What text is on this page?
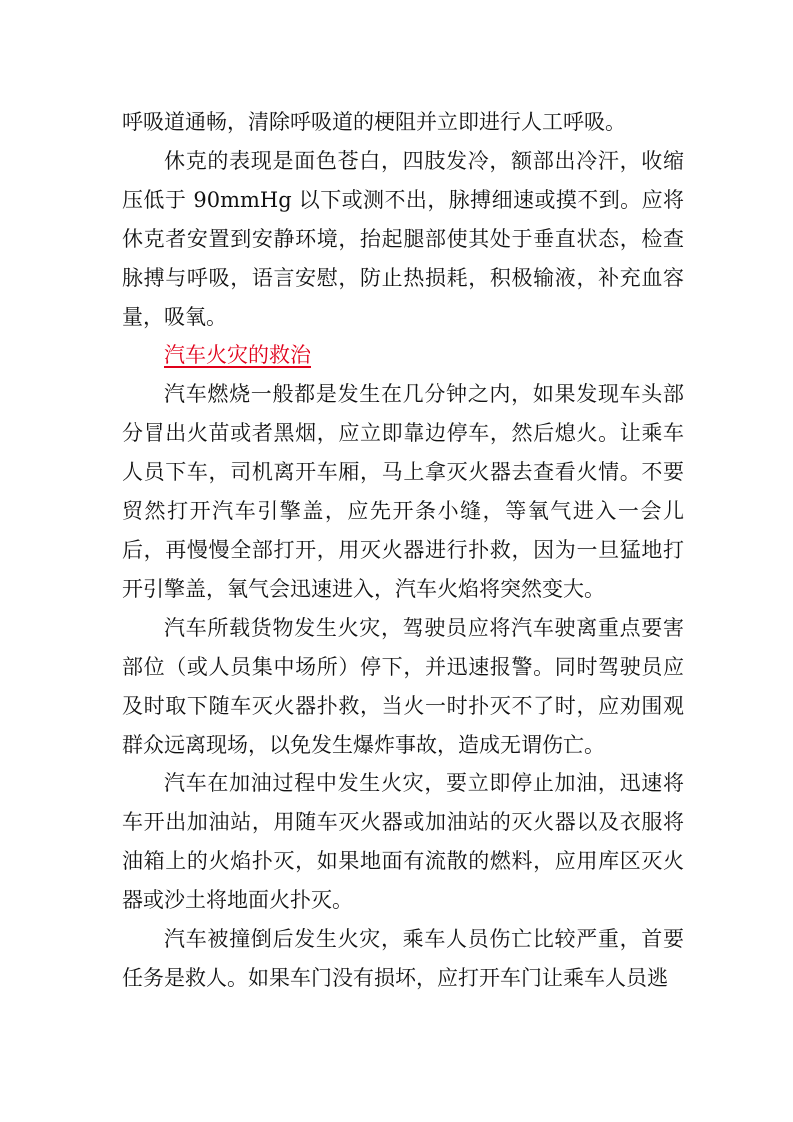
呼吸道通畅，清除呼吸道的梗阻并立即进行人工呼吸。

休克的表现是面色苍白，四肢发冷，额部出冷汗，收缩压低于 90mmHg 以下或测不出，脉搏细速或摸不到。应将休克者安置到安静环境，抬起腿部使其处于垂直状态，检查脉搏与呼吸，语言安慰，防止热损耗，积极输液，补充血容量，吸氧。

汽车火灾的救治

汽车燃烧一般都是发生在几分钟之内，如果发现车头部分冒出火苗或者黑烟，应立即靠边停车，然后熄火。让乘车人员下车，司机离开车厢，马上拿灭火器去查看火情。不要贸然打开汽车引擎盖，应先开条小缝，等氧气进入一会儿后，再慢慢全部打开，用灭火器进行扑救，因为一旦猛地打开引擎盖，氧气会迅速进入，汽车火焰将突然变大。

汽车所载货物发生火灾，驾驶员应将汽车驶离重点要害部位（或人员集中场所）停下，并迅速报警。同时驾驶员应及时取下随车灭火器扑救，当火一时扑灭不了时，应劝围观群众远离现场，以免发生爆炸事故，造成无谓伤亡。

汽车在加油过程中发生火灾，要立即停止加油，迅速将车开出加油站，用随车灭火器或加油站的灭火器以及衣服将油箱上的火焰扑灭，如果地面有流散的燃料，应用库区灭火器或沙土将地面火扑灭。

汽车被撞倒后发生火灾，乘车人员伤亡比较严重，首要任务是救人。如果车门没有损坏，应打开车门让乘车人员逃
